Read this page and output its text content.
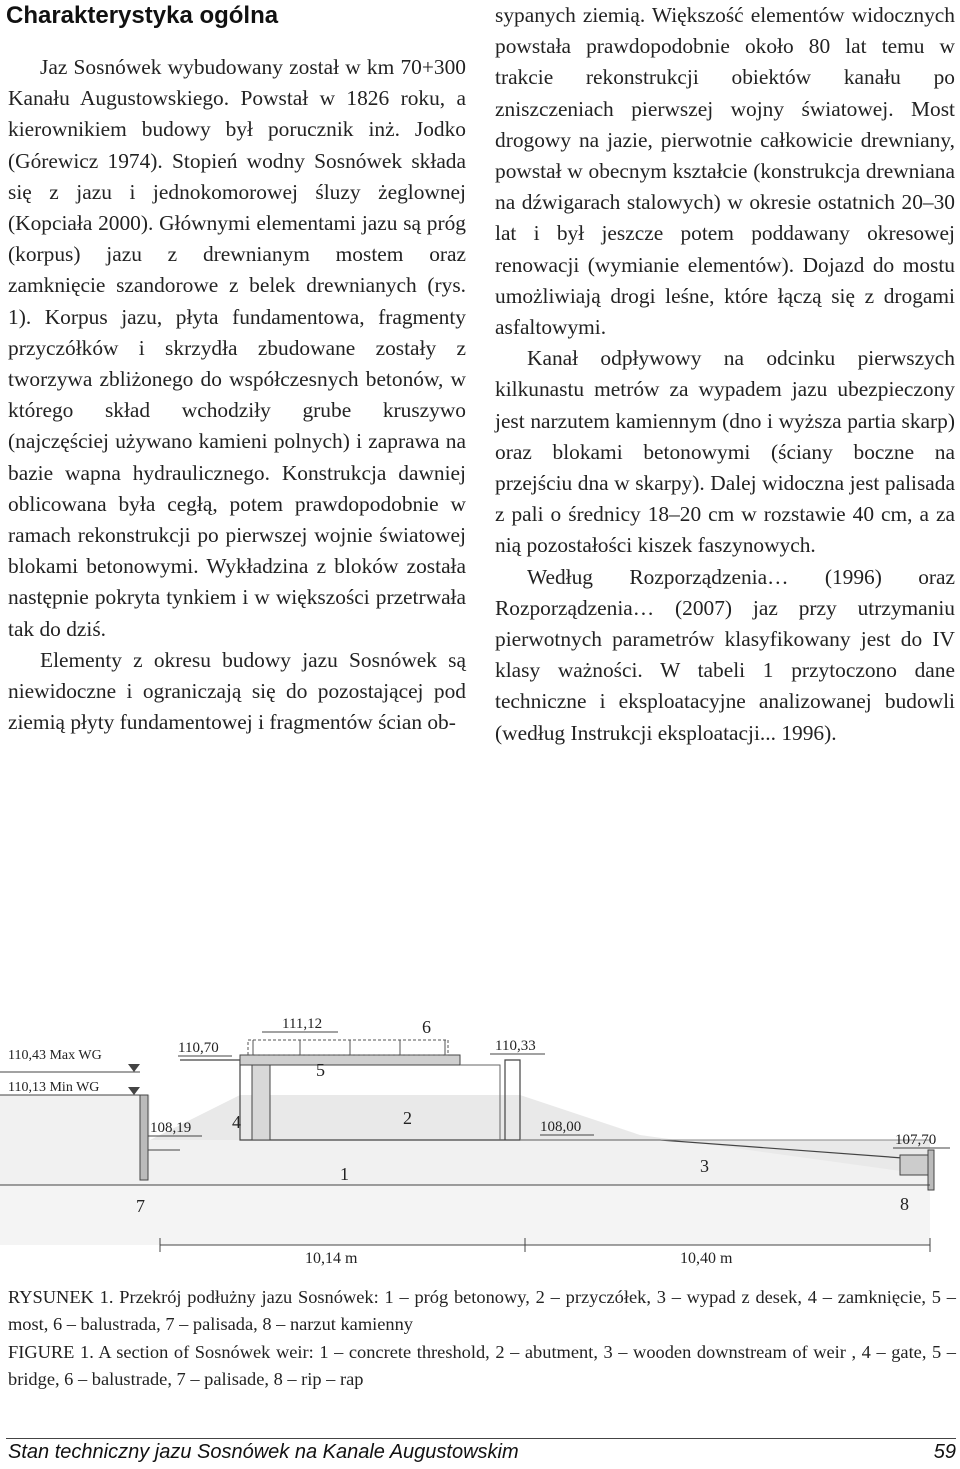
Charakterystyka ogólna

Jaz Sosnówek wybudowany został w km 70+300 Kanału Augustowskiego. Powstał w 1826 roku, a kierownikiem budowy był porucznik inż. Jodko (Górewicz 1974). Stopień wodny Sosnówek składa się z jazu i jednokomorowej śluzy żeglownej (Kopciała 2000). Głównymi elementami jazu są próg (korpus) jazu z drewnianym mostem oraz zamknięcie szandorowe z belek drewnianych (rys. 1). Korpus jazu, płyta fundamentowa, fragmenty przyczółków i skrzydła zbudowane zostały z tworzywa zbliżonego do współczesnych betonów, w którego skład wchodziły grube kruszywo (najczęściej używano kamieni polnych) i zaprawa na bazie wapna hydraulicznego. Konstrukcja dawniej oblicowana była cegłą, potem prawdopodobnie w ramach rekonstrukcji po pierwszej wojnie światowej blokami betonowymi. Wykładzina z bloków została następnie pokryta tynkiem i w większości przetrwała tak do dziś.

Elementy z okresu budowy jazu Sosnówek są niewidoczne i ograniczają się do pozostającej pod ziemią płyty fundamentowej i fragmentów ścian ob-

sypanych ziemią. Większość elementów widocznych powstała prawdopodobnie około 80 lat temu w trakcie rekonstrukcji obiektów kanału po zniszczeniach pierwszej wojny światowej. Most drogowy na jazie, pierwotnie całkowicie drewniany, powstał w obecnym kształcie (konstrukcja drewniana na dźwigarach stalowych) w okresie ostatnich 20–30 lat i był jeszcze potem poddawany okresowej renowacji (wymianie elementów). Dojazd do mostu umożliwiają drogi leśne, które łączą się z drogami asfaltowymi.

Kanał odpływowy na odcinku pierwszych kilkunastu metrów za wypadem jazu ubezpieczony jest narzutem kamiennym (dno i wyższa partia skarp) oraz blokami betonowymi (ściany boczne na przejściu dna w skarpy). Dalej widoczna jest palisada z pali o średnicy 18–20 cm w rozstawie 40 cm, a za nią pozostałości kiszek faszynowych.

Według Rozporządzenia… (1996) oraz Rozporządzenia… (2007) jaz przy utrzymaniu pierwotnych parametrów klasyfikowany jest do IV klasy ważności. W tabeli 1 przytoczono dane techniczne i eksploatacyjne analizowanej budowli (według Instrukcji eksploatacji... 1996).

110,43 Max WG
110,13 Min WG
110,70
111,12
110,33
108,19	108,00
107,70
10,14 m	10,40 m
1
2
3
4
5
6
7	8

RYSUNEK 1. Przekrój podłużny jazu Sosnówek: 1 – próg betonowy, 2 – przyczółek, 3 – wypad z desek, 4 – zamknięcie, 5 – most, 6 – balustrada, 7 – palisada, 8 – narzut kamienny

FIGURE 1. A section of Sosnówek weir: 1 – concrete threshold, 2 – abutment, 3 – wooden downstream of weir , 4 – gate, 5 – bridge, 6 – balustrade, 7 – palisade, 8 – rip – rap

Stan techniczny jazu Sosnówek na Kanale Augustowskim	59
